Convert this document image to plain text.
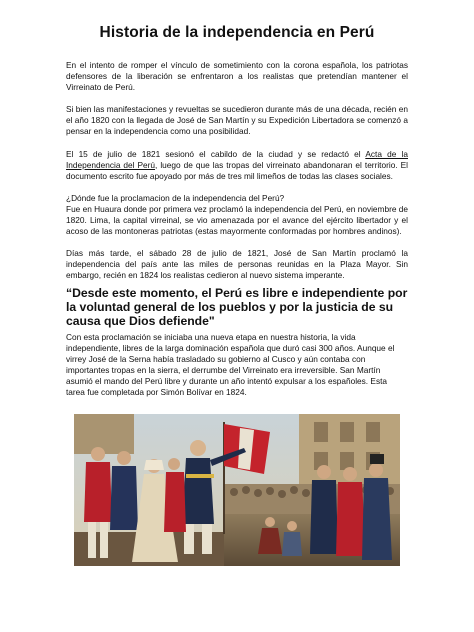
Historia de la independencia en Perú

En el intento de romper el vínculo de sometimiento con la corona española, los patriotas defensores de la liberación se enfrentaron a los realistas que pretendían mantener el Virreinato de Perú.

Si bien las manifestaciones y revueltas se sucedieron durante más de una década, recién en el año 1820 con la llegada de José de San Martín y su Expedición Libertadora se comenzó a pensar en la independencia como una posibilidad.

El 15 de julio de 1821 sesionó el cabildo de la ciudad y se redactó el Acta de la Independencia del Perú, luego de que las tropas del virreinato abandonaran el territorio. El documento escrito fue apoyado por más de tres mil limeños de todas las clases sociales.

¿Dónde fue la proclamacion de la independencia del Perú?

Fue en Huaura donde por primera vez proclamó la independencia del Perú, en noviembre de 1820. Lima, la capital virreinal, se vio amenazada por el avance del ejército libertador y el acoso de las montoneras patriotas (estas mayormente conformadas por hombres andinos).

Días más tarde, el sábado 28 de julio de 1821, José de San Martín proclamó la independencia del país ante las miles de personas reunidas en la Plaza Mayor. Sin embargo, recién en 1824 los realistas cedieron al nuevo sistema imperante.

“Desde este momento, el Perú es libre e independiente por la voluntad general de los pueblos y por la justicia de su causa que Dios defiende"

Con esta proclamación se iniciaba una nueva etapa en nuestra historia, la vida independiente, libres de la larga dominación española que duró casi 300 años. Aunque el virrey José de la Serna había trasladado su gobierno al Cusco y aún contaba con importantes tropas en la sierra, el derrumbe del Virreinato era irreversible. San Martín asumió el mando del Perú libre y durante un año intentó expulsar a los españoles. Esta tarea fue completada por Simón Bolívar en 1824.
